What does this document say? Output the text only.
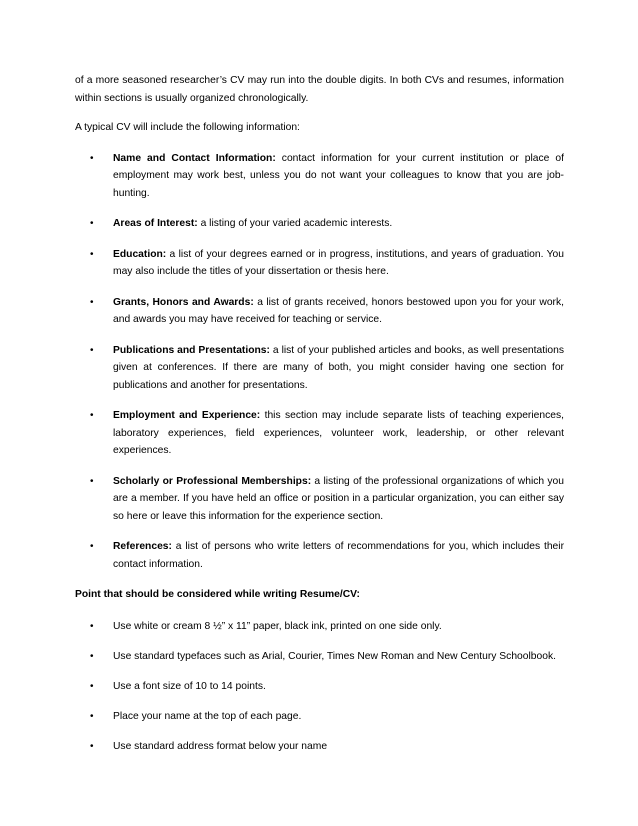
of a more seasoned researcher’s CV may run into the double digits. In both CVs and resumes, information within sections is usually organized chronologically.

A typical CV will include the following information:

• Name and Contact Information: contact information for your current institution or place of employment may work best, unless you do not want your colleagues to know that you are job-hunting.
• Areas of Interest: a listing of your varied academic interests.
• Education: a list of your degrees earned or in progress, institutions, and years of graduation. You may also include the titles of your dissertation or thesis here.
• Grants, Honors and Awards: a list of grants received, honors bestowed upon you for your work, and awards you may have received for teaching or service.
• Publications and Presentations: a list of your published articles and books, as well presentations given at conferences. If there are many of both, you might consider having one section for publications and another for presentations.
• Employment and Experience: this section may include separate lists of teaching experiences, laboratory experiences, field experiences, volunteer work, leadership, or other relevant experiences.
• Scholarly or Professional Memberships: a listing of the professional organizations of which you are a member. If you have held an office or position in a particular organization, you can either say so here or leave this information for the experience section.
• References: a list of persons who write letters of recommendations for you, which includes their contact information.

Point that should be considered while writing Resume/CV:

• Use white or cream 8 ½” x 11” paper, black ink, printed on one side only.
• Use standard typefaces such as Arial, Courier, Times New Roman and New Century Schoolbook.
• Use a font size of 10 to 14 points.
• Place your name at the top of each page.
• Use standard address format below your name
